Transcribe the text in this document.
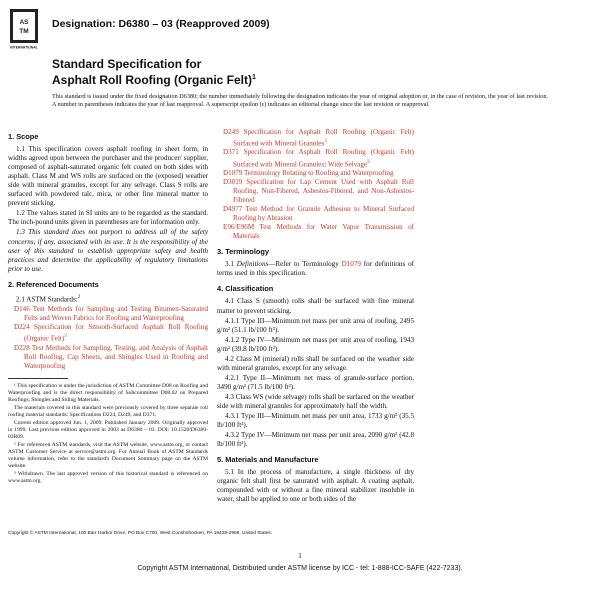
AS
TM
INTERNATIONAL
Designation: D6380 – 03 (Reapproved 2009)
Standard Specification for
Asphalt Roll Roofing (Organic Felt)$^1$
This standard is issued under the fixed designation D6380; the number immediately following the designation indicates the year of original adoption or, in the case of revision, the year of last revision. A number in parentheses indicates the year of last reapproval. A superscript epsilon (ε) indicates an editorial change since the last revision or reapproval.
1. Scope
1.1 This specification covers asphalt roofing in sheet form, in widths agreed upon between the purchaser and the producer/ supplier, composed of asphalt-saturated organic felt coated on both sides with asphalt. Class M and WS rolls are surfaced on the (exposed) weather side with mineral granules, except for any selvage. Class S rolls are surfaced with powdered talc, mica, or other fine mineral matter to prevent sticking.
1.2 The values stated in SI units are to be regarded as the standard. The inch-pound units given in parentheses are for information only.
1.3 This standard does not purport to address all of the safety concerns, if any, associated with its use. It is the responsibility of the user of this standard to establish appropriate safety and health practices and determine the applicability of regulatory limitations prior to use.
2. Referenced Documents
2.1 ASTM Standards:$^2$
D146 Test Methods for Sampling and Testing Bitumen-Saturated Felts and Woven Fabrics for Roofing and Waterproofing
D224 Specification for Smooth-Surfaced Asphalt Roll Roofing (Organic Felt)$^3$
D228 Test Methods for Sampling, Testing, and Analysis of Asphalt Roll Roofing, Cap Sheets, and Shingles Used in Roofing and Waterproofing

¹ This specification is under the jurisdiction of ASTM Committee D08 on Roofing and Waterproofing and is the direct responsibility of Subcommittee D08.02 on Prepared Roofings, Shingles and Siding Materials.

The materials covered in this standard were previously covered by three separate roll roofing material standards: Specifications D224, D249, and D371.

Current edition approved Jun. 1, 2009. Published January 2009. Originally approved in 1999. Last previous edition approved in 2003 as D6380 – 03. DOI: 10.1520/D6380-03R09.

² For referenced ASTM standards, visit the ASTM website, www.astm.org, or contact ASTM Customer Service at service@astm.org. For Annual Book of ASTM Standards volume information, refer to the standard's Document Summary page on the ASTM website.

³ Withdrawn. The last approved version of this historical standard is referenced on www.astm.org.

D249 Specification for Asphalt Roll Roofing (Organic Felt) Surfaced with Mineral Granules$^3$
D371 Specification for Asphalt Roll Roofing (Organic Felt) Surfaced with Mineral Granules; Wide Selvage$^3$
D1079 Terminology Relating to Roofing and Waterproofing
D3019 Specification for Lap Cement Used with Asphalt Roll Roofing, Non-Fibered, Asbestos-Fibered, and Non-Asbestos-Fibered
D4977 Test Method for Granule Adhesion to Mineral Surfaced Roofing by Abrasion
E96/E96M Test Methods for Water Vapor Transmission of Materials
3. Terminology
3.1 Definitions—Refer to Terminology D1079 for definitions of terms used in this specification.
4. Classification
4.1 Class S (smooth) rolls shall be surfaced with fine mineral matter to prevent sticking.
4.1.1 Type III—Minimum net mass per unit area of roofing, 2495 g/m² (51.1 lb/100 ft²).
4.1.2 Type IV—Minimum net mass per unit area of roofing, 1943 g/m² (39.8 lb/100 ft²).
4.2 Class M (mineral) rolls shall be surfaced on the weather side with mineral granules, except for any selvage.
4.2.1 Type II—Minimum net mass of granule-surface portion, 3490 g/m² (71.5 lb/100 ft²).
4.3 Class WS (wide selvage) rolls shall be surfaced on the weather side with mineral granules for approximately half the width.
4.3.1 Type III—Minimum net mass per unit area, 1733 g/m² (35.5 lb/100 ft²).
4.3.2 Type IV—Minimum net mass per unit area, 2090 g/m² (42.8 lb/100 ft²).
5. Materials and Manufacture
5.1 In the process of manufacture, a single thickness of dry organic felt shall first be saturated with asphalt. A coating asphalt, compounded with or without a fine mineral stabilizer insoluble in water, shall be applied to one or both sides of the
Copyright © ASTM International, 100 Barr Harbor Drive, PO Box C700, West Conshohocken, PA 19428-2959, United States.
1
Copyright ASTM International, Distributed under ASTM license by ICC - tel: 1-888-ICC-SAFE (422-7233).
